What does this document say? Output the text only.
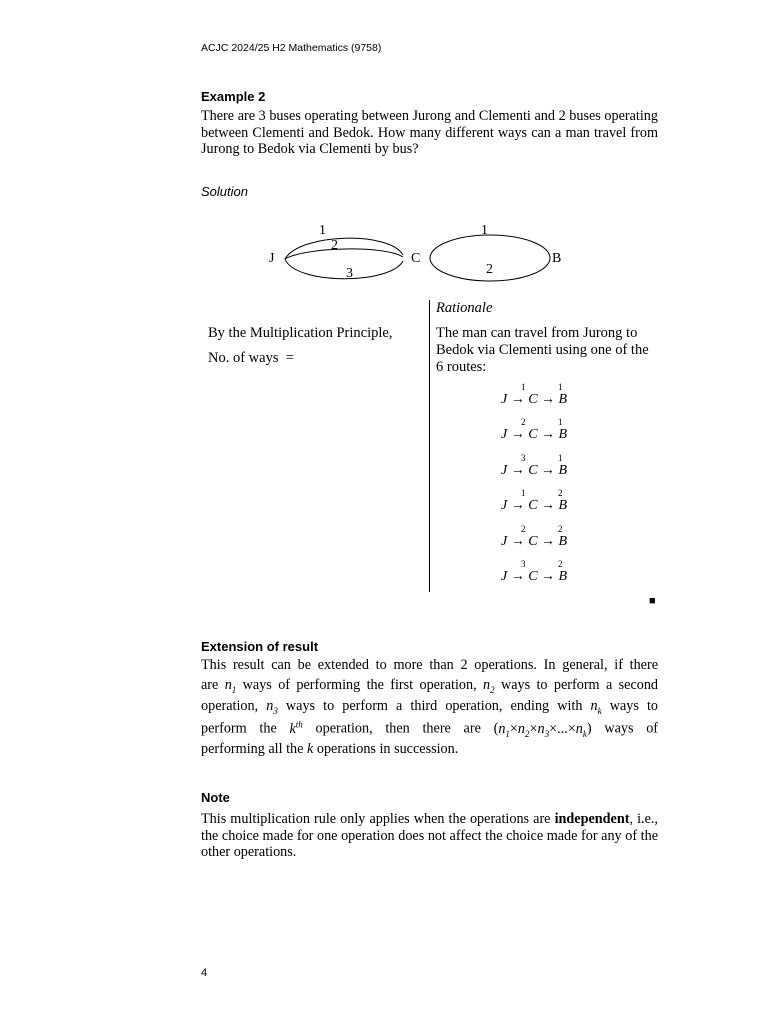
ACJC 2024/25 H2 Mathematics (9758)
Example 2
There are 3 buses operating between Jurong and Clementi and 2 buses operating between Clementi and Bedok. How many different ways can a man travel from Jurong to Bedok via Clementi by bus?
Solution
J	C	B
1
2
3
1
2
By the Multiplication Principle,
No. of ways  =
Rationale
The man can travel from Jurong to Bedok via Clementi using one of the 6 routes:
1	1
J → C → B
2	1
J → C → B
3	1
J → C → B
1	2
J → C → B
2	2
J → C → B
3	2
J → C → B
■
Extension of result
This result can be extended to more than 2 operations. In general, if there
are $n_1$ ways of performing the first operation, $n_2$ ways to perform a second
operation, $n_3$ ways to perform a third operation, ending with $n_k$ ways to
perform the $k^{th}$ operation, then there are $(n_1\times n_2\times n_3\times...\times n_k)$ ways of
performing all the k operations in succession.
Note
This multiplication rule only applies when the operations are independent, i.e., the choice made for one operation does not affect the choice made for any of the other operations.
4
